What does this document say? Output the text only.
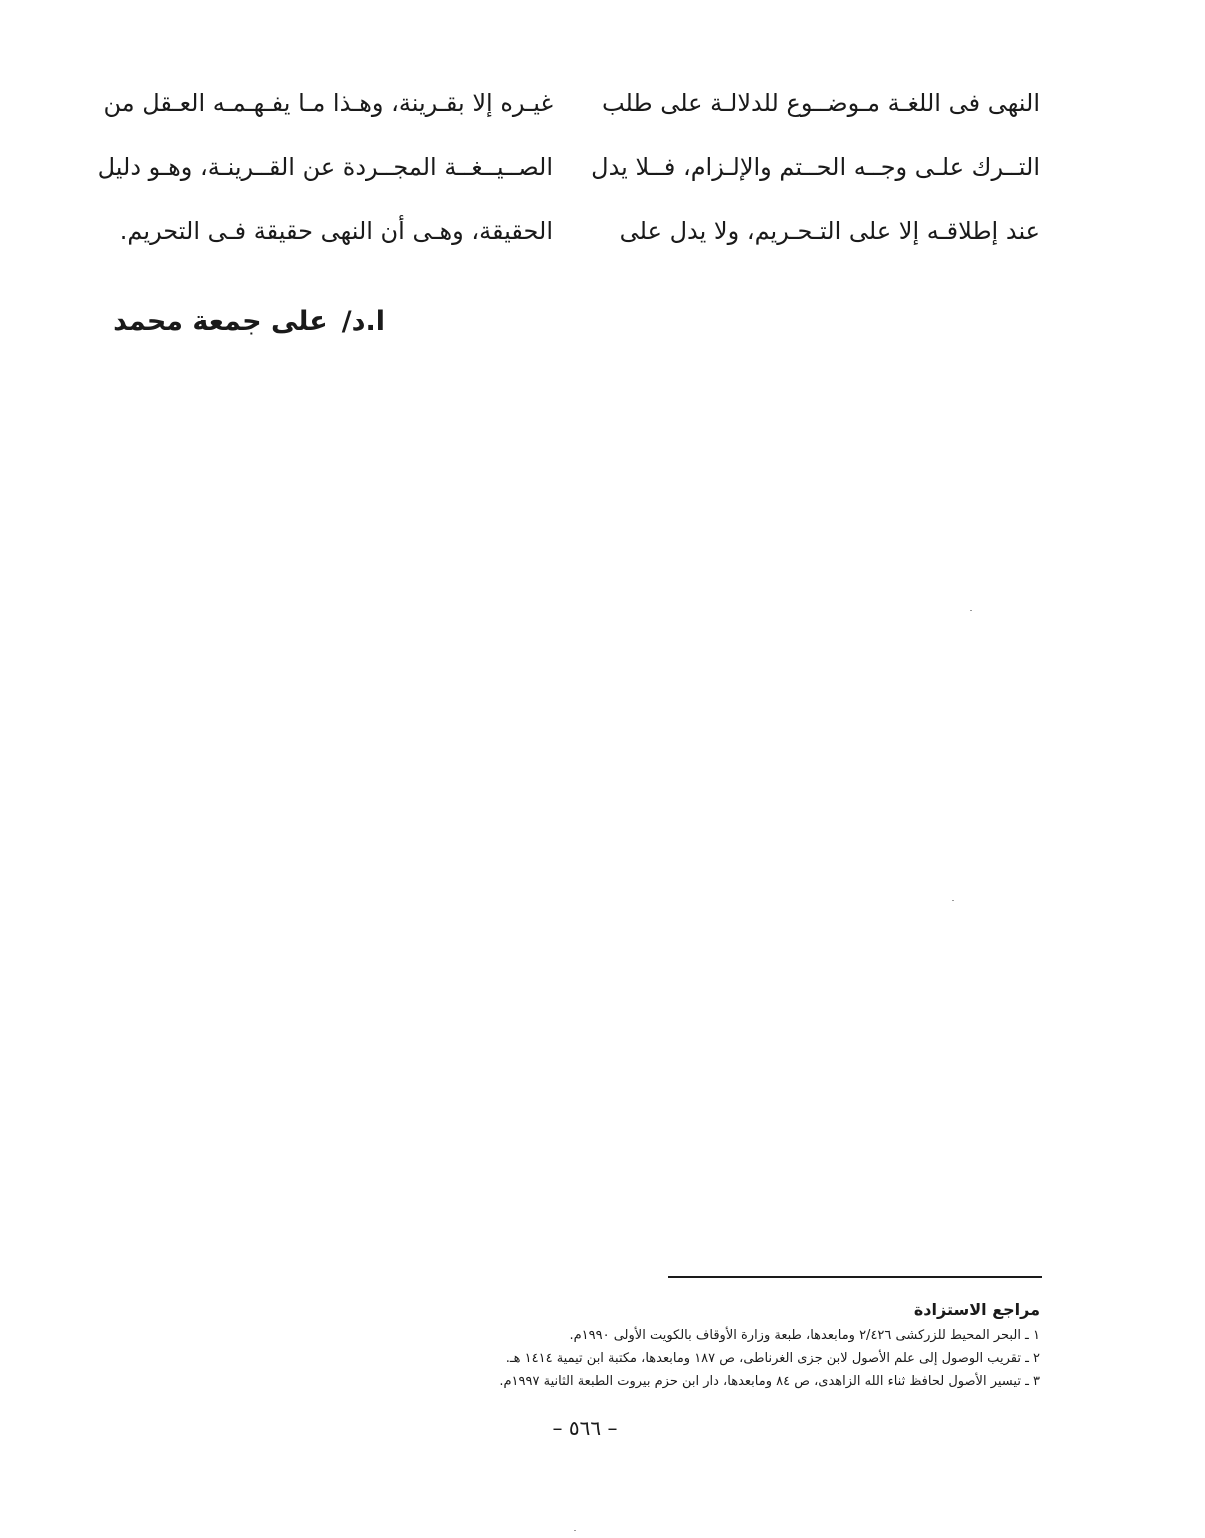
النهى فى اللغـة مـوضــوع للدلالـة على طلب
التــرك علـى وجــه الحــتم والإلـزام، فــلا يدل
عند إطلاقـه إلا على التـحـريم، ولا يدل على
غيـره إلا بقـرينة، وهـذا مـا يفـهـمـه العـقل من
الصــيــغــة المجــردة عن القــرينـة، وهـو دليل
الحقيقة، وهـى أن النهى حقيقة فـى التحريم.
ا.د/على جمعة محمد
مراجع الاستزادة
١ ـ البحر المحيط للزركشى ٢/٤٢٦ ومابعدها، طبعة وزارة الأوقاف بالكويت الأولى ١٩٩٠م.
٢ ـ تقريب الوصول إلى علم الأصول لابن جزى الغرناطى، ص ١٨٧ ومابعدها، مكتبة ابن تيمية ١٤١٤ هـ.
٣ ـ تيسير الأصول لحافظ ثناء الله الزاهدى، ص ٨٤ ومابعدها، دار ابن حزم بيروت الطبعة الثانية ١٩٩٧م.
– ٥٦٦ –
